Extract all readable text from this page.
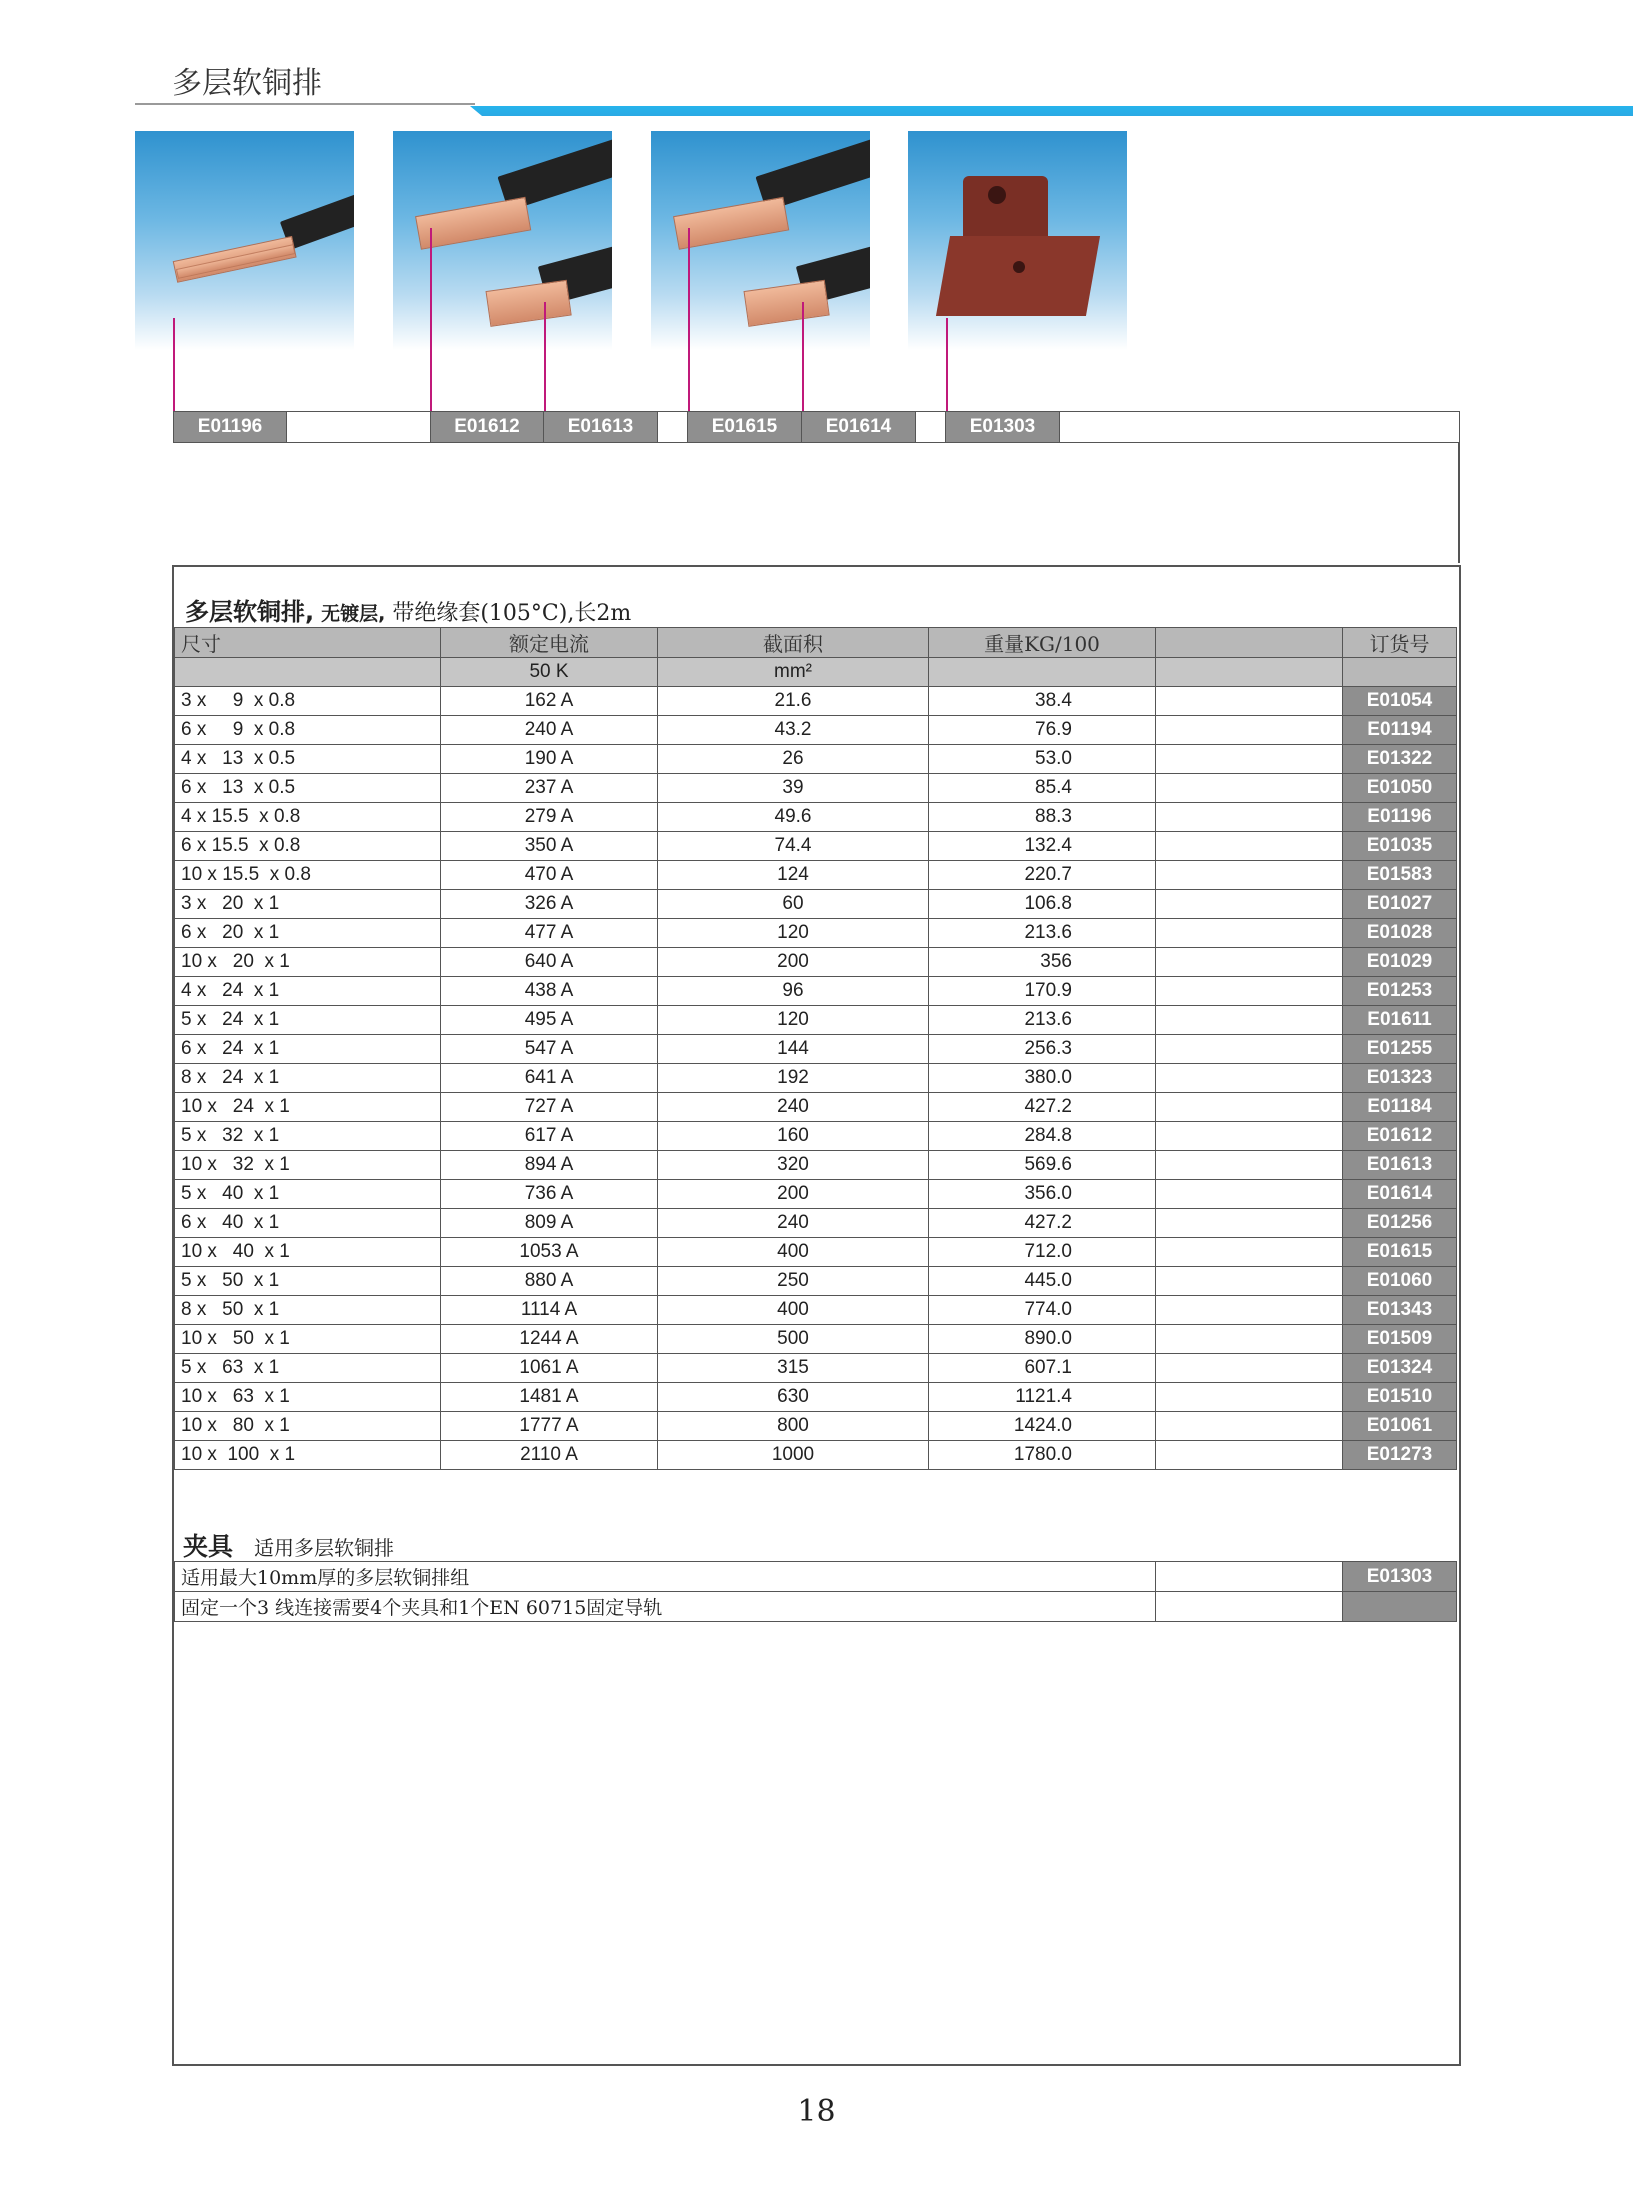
多层软铜排
E01196	E01612	E01613	E01615	E01614	E01303
多层软铜排, 无镀层, 带绝缘套(105°C),长2m
尺寸	额定电流	截面积	重量KG/100		订货号
	50 K	mm²			
3 x     9  x 0.8	162 A	21.6	38.4		E01054
6 x     9  x 0.8	240 A	43.2	76.9		E01194
4 x   13  x 0.5	190 A	26	53.0		E01322
6 x   13  x 0.5	237 A	39	85.4		E01050
4 x 15.5  x 0.8	279 A	49.6	88.3		E01196
6 x 15.5  x 0.8	350 A	74.4	132.4		E01035
10 x 15.5  x 0.8	470 A	124	220.7		E01583
3 x   20  x 1	326 A	60	106.8		E01027
6 x   20  x 1	477 A	120	213.6		E01028
10 x   20  x 1	640 A	200	356		E01029
4 x   24  x 1	438 A	96	170.9		E01253
5 x   24  x 1	495 A	120	213.6		E01611
6 x   24  x 1	547 A	144	256.3		E01255
8 x   24  x 1	641 A	192	380.0		E01323
10 x   24  x 1	727 A	240	427.2		E01184
5 x   32  x 1	617 A	160	284.8		E01612
10 x   32  x 1	894 A	320	569.6		E01613
5 x   40  x 1	736 A	200	356.0		E01614
6 x   40  x 1	809 A	240	427.2		E01256
10 x   40  x 1	1053 A	400	712.0		E01615
5 x   50  x 1	880 A	250	445.0		E01060
8 x   50  x 1	1114 A	400	774.0		E01343
10 x   50  x 1	1244 A	500	890.0		E01509
5 x   63  x 1	1061 A	315	607.1		E01324
10 x   63  x 1	1481 A	630	1121.4		E01510
10 x   80  x 1	1777 A	800	1424.0		E01061
10 x  100  x 1	2110 A	1000	1780.0		E01273
夹具 适用多层软铜排
适用最大10mm厚的多层软铜排组		E01303
固定一个3 线连接需要4个夹具和1个EN 60715固定导轨		
18
